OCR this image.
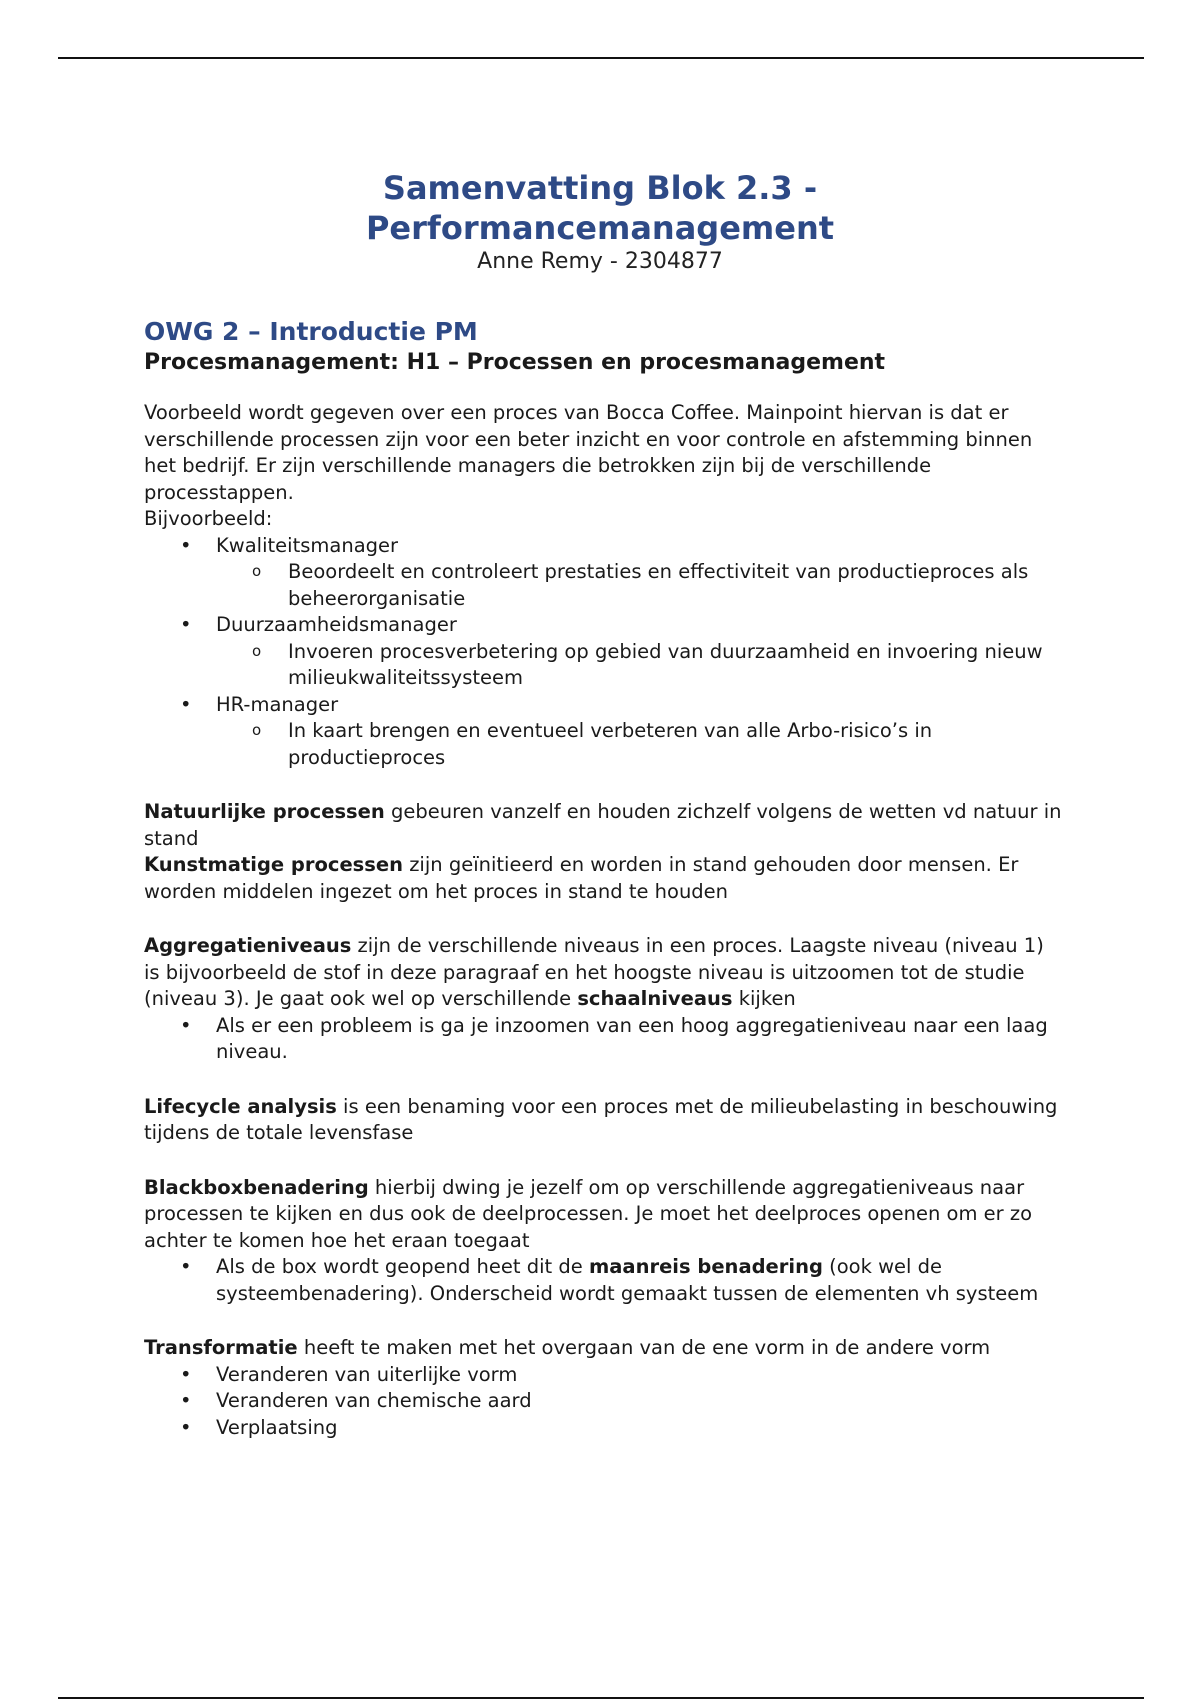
Samenvatting Blok 2.3 -
Performancemanagement
Anne Remy - 2304877
OWG 2 – Introductie PM
Procesmanagement: H1 – Processen en procesmanagement

Voorbeeld wordt gegeven over een proces van Bocca Coffee. Mainpoint hiervan is dat er verschillende processen zijn voor een beter inzicht en voor controle en afstemming binnen het bedrijf. Er zijn verschillende managers die betrokken zijn bij de verschillende processtappen.

Bijvoorbeeld:

• Kwaliteitsmanager
o Beoordeelt en controleert prestaties en effectiviteit van productieproces als beheerorganisatie
• Duurzaamheidsmanager
o Invoeren procesverbetering op gebied van duurzaamheid en invoering nieuw milieukwaliteitssysteem
• HR-manager
o In kaart brengen en eventueel verbeteren van alle Arbo-risico’s in productieproces

Natuurlijke processen gebeuren vanzelf en houden zichzelf volgens de wetten vd natuur in stand

Kunstmatige processen zijn geïnitieerd en worden in stand gehouden door mensen. Er worden middelen ingezet om het proces in stand te houden

Aggregatieniveaus zijn de verschillende niveaus in een proces. Laagste niveau (niveau 1) is bijvoorbeeld de stof in deze paragraaf en het hoogste niveau is uitzoomen tot de studie (niveau 3). Je gaat ook wel op verschillende schaalniveaus kijken

• Als er een probleem is ga je inzoomen van een hoog aggregatieniveau naar een laag niveau.

Lifecycle analysis is een benaming voor een proces met de milieubelasting in beschouwing tijdens de totale levensfase

Blackboxbenadering hierbij dwing je jezelf om op verschillende aggregatieniveaus naar processen te kijken en dus ook de deelprocessen. Je moet het deelproces openen om er zo achter te komen hoe het eraan toegaat

• Als de box wordt geopend heet dit de maanreis benadering (ook wel de systeembenadering). Onderscheid wordt gemaakt tussen de elementen vh systeem

Transformatie heeft te maken met het overgaan van de ene vorm in de andere vorm

• Veranderen van uiterlijke vorm
• Veranderen van chemische aard
• Verplaatsing
